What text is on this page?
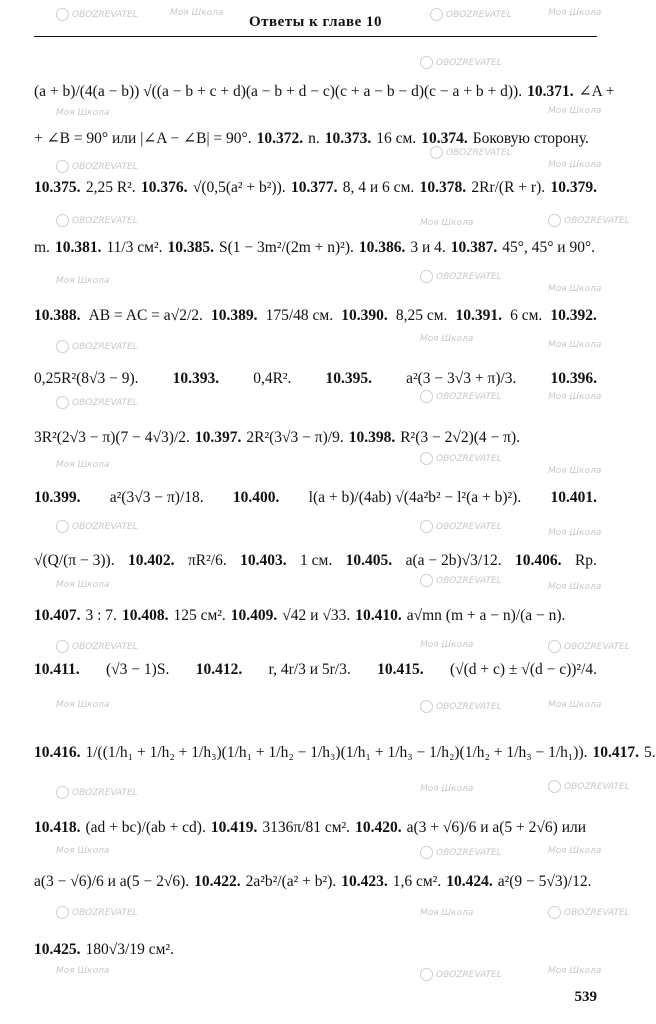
Ответы к главе 10
(a + b)/(4(a − b)) √((a − b + c + d)(a − b + d − c)(c + a − b − d)(c − a + b + d)). 10.371. ∠A +
+ ∠B = 90° или |∠A − ∠B| = 90°. 10.372. n. 10.373. 16 см. 10.374. Боковую сторону.
10.375. 2,25 R². 10.376. √(0,5(a² + b²)). 10.377. 8, 4 и 6 см. 10.378. 2Rr/(R + r). 10.379.
m. 10.381. 11/3 см². 10.385. S(1 − 3m²/(2m + n)²). 10.386. 3 и 4. 10.387. 45°, 45° и 90°.
10.388. AB = AC = a√2/2. 10.389. 175/48 см. 10.390. 8,25 см. 10.391. 6 см. 10.392.
0,25R²(8√3 − 9). 10.393. 0,4R². 10.395. a²(3 − 3√3 + π)/3. 10.396.
3R²(2√3 − π)(7 − 4√3)/2. 10.397. 2R²(3√3 − π)/9. 10.398. R²(3 − 2√2)(4 − π).
10.399. a²(3√3 − π)/18. 10.400. l(a + b)/(4ab) √(4a²b² − l²(a + b)²). 10.401.
√(Q/(π − 3)). 10.402. πR²/6. 10.403. 1 см. 10.405. a(a − 2b)√3/12. 10.406. Rp.
10.407. 3 : 7. 10.408. 125 см². 10.409. √42 и √33. 10.410. a√mn (m + a − n)/(a − n).
10.411. (√3 − 1)S. 10.412. r, 4r/3 и 5r/3. 10.415. (√(d + c) ± √(d − c))²/4.
10.416. 1/((1/h₁ + 1/h₂ + 1/h₃)(1/h₁ + 1/h₂ − 1/h₃)(1/h₁ + 1/h₃ − 1/h₂)(1/h₂ + 1/h₃ − 1/h₁)). 10.417. 5.
10.418. (ad + bc)/(ab + cd). 10.419. 3136π/81 см². 10.420. a(3 + √6)/6 и a(5 + 2√6) или
a(3 − √6)/6 и a(5 − 2√6). 10.422. 2a²b²/(a² + b²). 10.423. 1,6 см². 10.424. a²(9 − 5√3)/12.
10.425. 180√3/19 см².
OBOZREVATEL	Моя Школа	OBOZREVATEL	Моя Школа
Моя Школа
OBOZREVATEL
Моя Школа
OBOZREVATEL
OBOZREVATEL
Моя Школа
OBOZREVATEL	Моя Школа	OBOZREVATEL
Моя Школа	OBOZREVATEL
Моя Школа
OBOZREVATEL
Моя Школа
Моя Школа
OBOZREVATEL
OBOZREVATEL	Моя Школа
Моя Школа
OBOZREVATEL
Моя Школа
OBOZREVATEL	OBOZREVATEL
Моя Школа
Моя Школа	OBOZREVATEL
Моя Школа
OBOZREVATEL	Моя Школа	OBOZREVATEL
Моя Школа	OBOZREVATEL	Моя Школа
OBOZREVATEL	Моя Школа	OBOZREVATEL
Моя Школа	OBOZREVATEL	Моя Школа
OBOZREVATEL	Моя Школа	OBOZREVATEL
Моя Школа	OBOZREVATEL	Моя Школа
539
